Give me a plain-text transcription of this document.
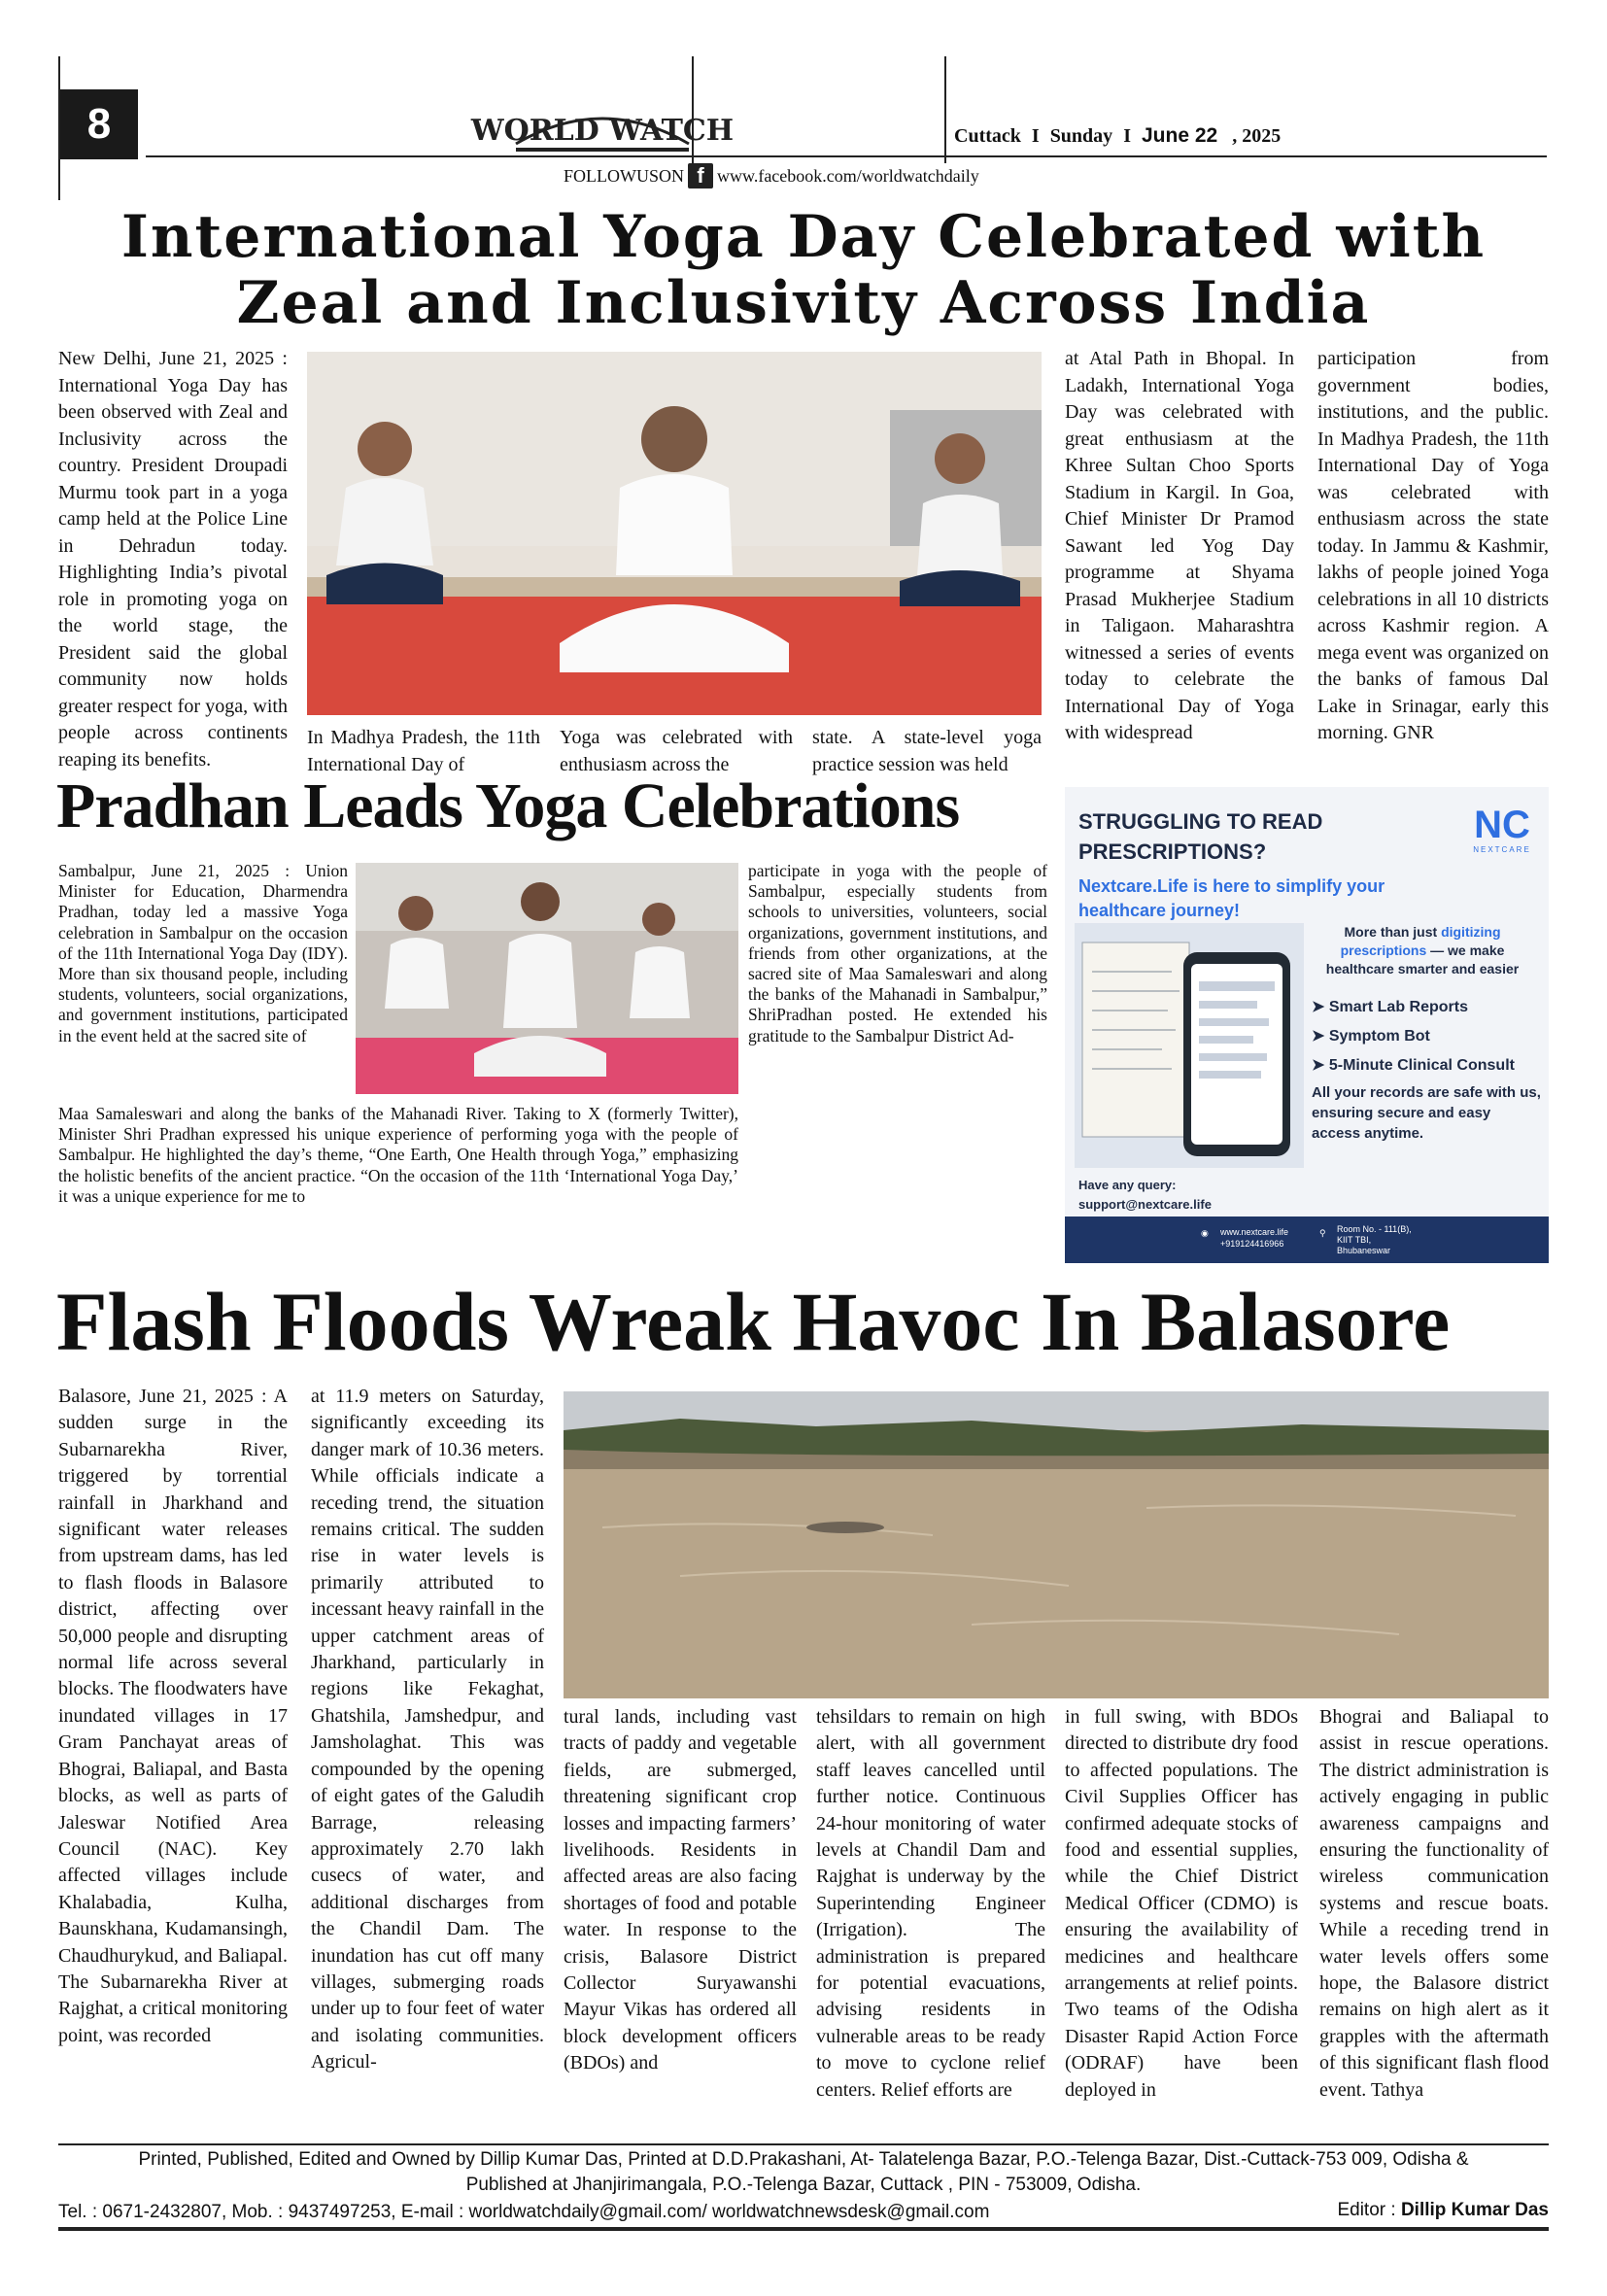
8	WORLD WATCH	Cuttack I Sunday I June 22 , 2025
FOLLOWUSON f www.facebook.com/worldwatchdaily
International Yoga Day Celebrated with Zeal and Inclusivity Across India
New Delhi, June 21, 2025 : International Yoga Day has been observed with Zeal and Inclusivity across the country. President Droupadi Murmu took part in a yoga camp held at the Police Line in Dehradun today. Highlighting India’s pivotal role in promoting yoga on the world stage, the President said the global community now holds greater respect for yoga, with people across continents reaping its benefits.
In Madhya Pradesh, the 11th International Day of
Yoga was celebrated with enthusiasm across the
state. A state-level yoga practice session was held
at Atal Path in Bhopal. In Ladakh, International Yoga Day was celebrated with great enthusiasm at the Khree Sultan Choo Sports Stadium in Kargil. In Goa, Chief Minister Dr Pramod Sawant led Yog Day programme at Shyama Prasad Mukherjee Stadium in Taligaon. Maharashtra witnessed a series of events today to celebrate the International Day of Yoga with widespread
participation from government bodies, institutions, and the public. In Madhya Pradesh, the 11th International Day of Yoga was celebrated with enthusiasm across the state today. In Jammu & Kashmir, lakhs of people joined Yoga celebrations in all 10 districts across Kashmir region. A mega event was organized on the banks of famous Dal Lake in Srinagar, early this morning. GNR
Pradhan Leads Yoga Celebrations
Sambalpur, June 21, 2025 : Union Minister for Education, Dharmendra Pradhan, today led a massive Yoga celebration in Sambalpur on the occasion of the 11th International Yoga Day (IDY). More than six thousand people, including students, volunteers, social organizations, and government institutions, participated in the event held at the sacred site of
Maa Samaleswari and along the banks of the Mahanadi River. Taking to X (formerly Twitter), Minister Shri Pradhan expressed his unique experience of performing yoga with the people of Sambalpur. He highlighted the day’s theme, “One Earth, One Health through Yoga,” emphasizing the holistic benefits of the ancient practice. “On the occasion of the 11th ‘International Yoga Day,’ it was a unique experience for me to
participate in yoga with the people of Sambalpur, especially students from schools to universities, volunteers, social organizations, government institutions, and friends from other organizations, at the sacred site of Maa Samaleswari and along the banks of the Mahanadi in Sambalpur,” ShriPradhan posted. He extended his gratitude to the Sambalpur District Ad-
STRUGGLING TO READ PRESCRIPTIONS?
Nextcare.Life is here to simplify your healthcare journey!
NC
NEXTCARE
More than just digitizing prescriptions — we make healthcare smarter and easier
➤ Smart Lab Reports
➤ Symptom Bot
➤ 5-Minute Clinical Consult
All your records are safe with us, ensuring secure and easy access anytime.
Have any query:
support@nextcare.life
◉ www.nextcare.life
+919124416966
⚲ Room No. - 111(B),
KIIT TBI,
Bhubaneswar
Flash Floods Wreak Havoc In Balasore
Balasore, June 21, 2025 : A sudden surge in the Subarnarekha River, triggered by torrential rainfall in Jharkhand and significant water releases from upstream dams, has led to flash floods in Balasore district, affecting over 50,000 people and disrupting normal life across several blocks. The floodwaters have inundated villages in 17 Gram Panchayat areas of Bhograi, Baliapal, and Basta blocks, as well as parts of Jaleswar Notified Area Council (NAC). Key affected villages include Khalabadia, Kulha, Baunskhana, Kudamansingh, Chaudhurykud, and Baliapal. The Subarnarekha River at Rajghat, a critical monitoring point, was recorded
at 11.9 meters on Saturday, significantly exceeding its danger mark of 10.36 meters. While officials indicate a receding trend, the situation remains critical. The sudden rise in water levels is primarily attributed to incessant heavy rainfall in the upper catchment areas of Jharkhand, particularly in regions like Fekaghat, Ghatshila, Jamshedpur, and Jamsholaghat. This was compounded by the opening of eight gates of the Galudih Barrage, releasing approximately 2.70 lakh cusecs of water, and additional discharges from the Chandil Dam. The inundation has cut off many villages, submerging roads under up to four feet of water and isolating communities. Agricul-
tural lands, including vast tracts of paddy and vegetable fields, are submerged, threatening significant crop losses and impacting farmers’ livelihoods. Residents in affected areas are also facing shortages of food and potable water. In response to the crisis, Balasore District Collector Suryawanshi Mayur Vikas has ordered all block development officers (BDOs) and
tehsildars to remain on high alert, with all government staff leaves cancelled until further notice. Continuous 24-hour monitoring of water levels at Chandil Dam and Rajghat is underway by the Superintending Engineer (Irrigation). The administration is prepared for potential evacuations, advising residents in vulnerable areas to be ready to move to cyclone relief centers. Relief efforts are
in full swing, with BDOs directed to distribute dry food to affected populations. The Civil Supplies Officer has confirmed adequate stocks of food and essential supplies, while the Chief District Medical Officer (CDMO) is ensuring the availability of medicines and healthcare arrangements at relief points. Two teams of the Odisha Disaster Rapid Action Force (ODRAF) have been deployed in
Bhograi and Baliapal to assist in rescue operations. The district administration is actively engaging in public awareness campaigns and ensuring the functionality of wireless communication systems and rescue boats. While a receding trend in water levels offers some hope, the Balasore district remains on high alert as it grapples with the aftermath of this significant flash flood event. Tathya
Printed, Published, Edited and Owned by Dillip Kumar Das, Printed at D.D.Prakashani, At- Talatelenga Bazar, P.O.-Telenga Bazar, Dist.-Cuttack-753 009, Odisha &
Published at Jhanjirimangala, P.O.-Telenga Bazar, Cuttack , PIN - 753009, Odisha.
Tel. : 0671-2432807, Mob. : 9437497253, E-mail : worldwatchdaily@gmail.com/ worldwatchnewsdesk@gmail.com	Editor : Dillip Kumar Das
